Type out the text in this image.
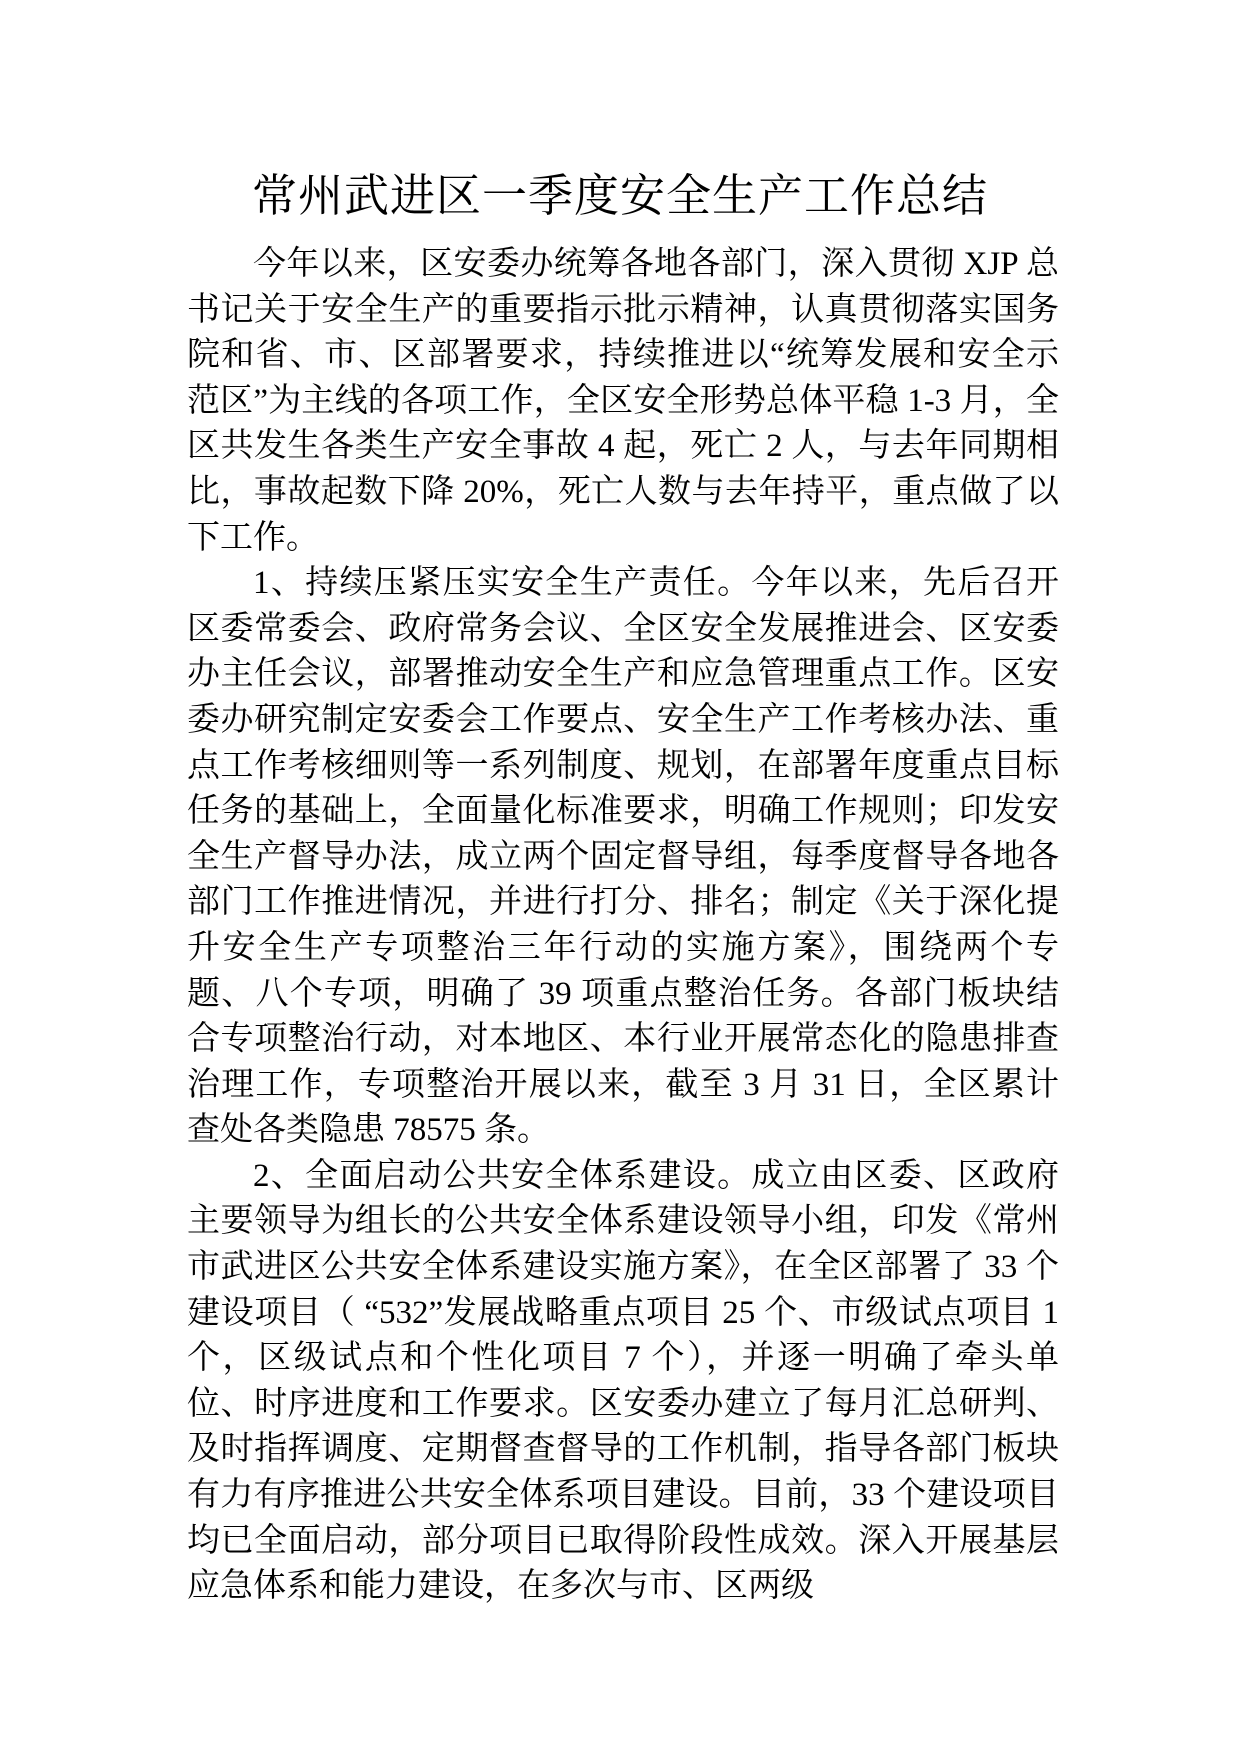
常州武进区一季度安全生产工作总结

今年以来，区安委办统筹各地各部门，深入贯彻 XJP 总书记关于安全生产的重要指示批示精神，认真贯彻落实国务院和省、市、区部署要求，持续推进以“统筹发展和安全示范区”为主线的各项工作，全区安全形势总体平稳 1-3 月，全区共发生各类生产安全事故 4 起，死亡 2 人，与去年同期相比，事故起数下降 20%，死亡人数与去年持平，重点做了以下工作。

1、持续压紧压实安全生产责任。今年以来，先后召开区委常委会、政府常务会议、全区安全发展推进会、区安委办主任会议，部署推动安全生产和应急管理重点工作。区安委办研究制定安委会工作要点、安全生产工作考核办法、重点工作考核细则等一系列制度、规划，在部署年度重点目标任务的基础上，全面量化标准要求，明确工作规则；印发安全生产督导办法，成立两个固定督导组，每季度督导各地各部门工作推进情况，并进行打分、排名；制定《关于深化提升安全生产专项整治三年行动的实施方案》，围绕两个专题、八个专项，明确了 39 项重点整治任务。各部门板块结合专项整治行动，对本地区、本行业开展常态化的隐患排查治理工作，专项整治开展以来，截至 3 月 31 日，全区累计查处各类隐患 78575 条。

2、全面启动公共安全体系建设。成立由区委、区政府主要领导为组长的公共安全体系建设领导小组，印发《常州市武进区公共安全体系建设实施方案》，在全区部署了 33 个建设项目（ “532”发展战略重点项目 25 个、市级试点项目 1 个，区级试点和个性化项目 7 个），并逐一明确了牵头单位、时序进度和工作要求。区安委办建立了每月汇总研判、及时指挥调度、定期督查督导的工作机制，指导各部门板块有力有序推进公共安全体系项目建设。目前，33 个建设项目均已全面启动，部分项目已取得阶段性成效。深入开展基层应急体系和能力建设，在多次与市、区两级
